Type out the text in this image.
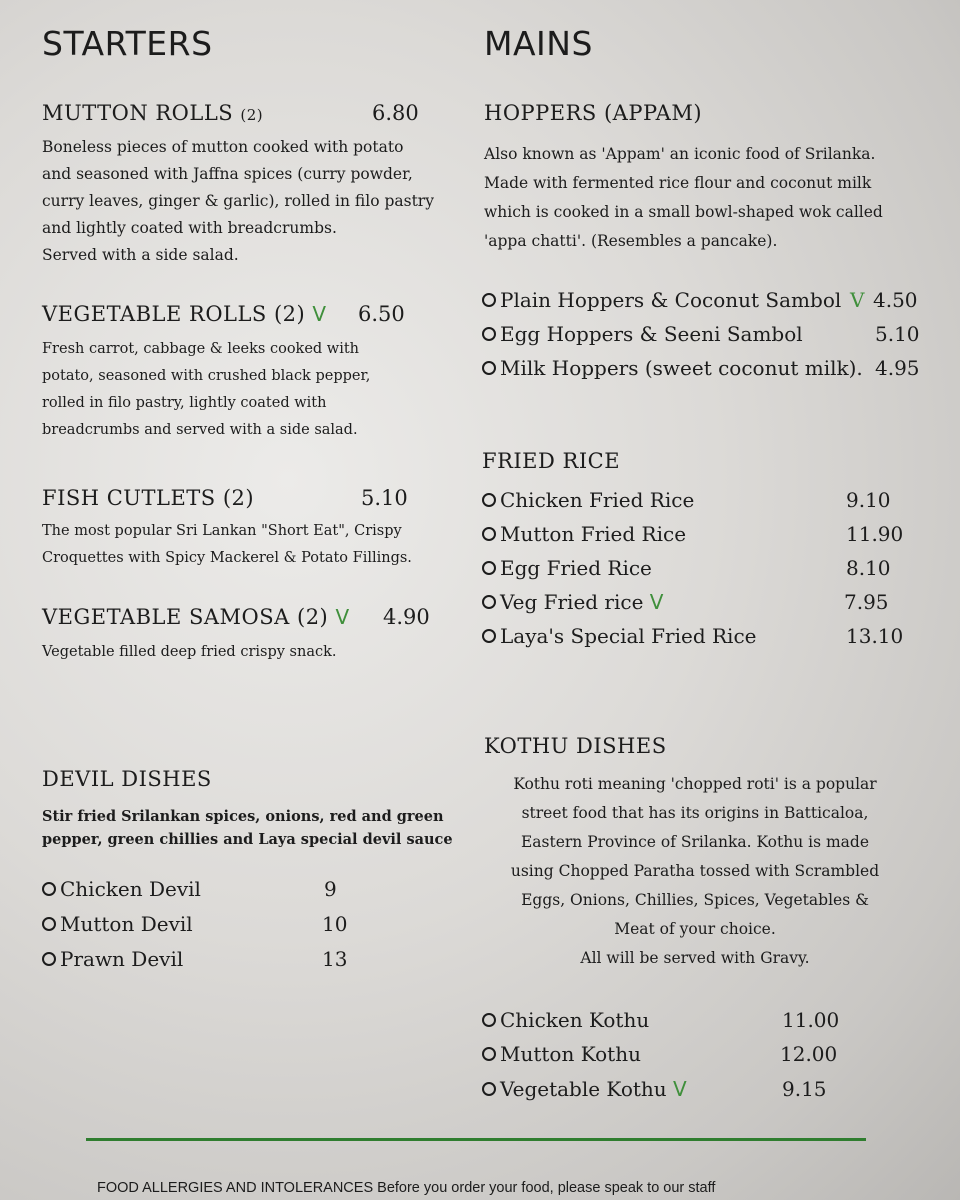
STARTERS
MUTTON ROLLS (2)	6.80
Boneless pieces of mutton cooked with potato
and seasoned with Jaffna spices (curry powder,
curry leaves, ginger & garlic), rolled in filo pastry
and lightly coated with breadcrumbs.
Served with a side salad.
VEGETABLE ROLLS (2) V 6.50
Fresh carrot, cabbage & leeks cooked with
potato, seasoned with crushed black pepper,
rolled in filo pastry, lightly coated with
breadcrumbs and served with a side salad.
FISH CUTLETS (2)	5.10
The most popular Sri Lankan "Short Eat", Crispy
Croquettes with Spicy Mackerel & Potato Fillings.
VEGETABLE SAMOSA (2) V 4.90
Vegetable filled deep fried crispy snack.
DEVIL DISHES
Stir fried Srilankan spices, onions, red and green
pepper, green chillies and Laya special devil sauce
Chicken Devil	9
Mutton Devil	10
Prawn Devil	13
MAINS
HOPPERS (APPAM)
Also known as 'Appam' an iconic food of Srilanka.
Made with fermented rice flour and coconut milk
which is cooked in a small bowl-shaped wok called
'appa chatti'. (Resembles a pancake).
Plain Hoppers & Coconut Sambol V 4.50
Egg Hoppers & Seeni Sambol	5.10
Milk Hoppers (sweet coconut milk). 4.95
FRIED RICE
Chicken Fried Rice	9.10
Mutton Fried Rice	11.90
Egg Fried Rice	8.10
Veg Fried rice V	7.95
Laya's Special Fried Rice	13.10
KOTHU DISHES
Kothu roti meaning 'chopped roti' is a popular
street food that has its origins in Batticaloa,
Eastern Province of Srilanka. Kothu is made
using Chopped Paratha tossed with Scrambled
Eggs, Onions, Chillies, Spices, Vegetables &
Meat of your choice.
All will be served with Gravy.
Chicken Kothu	11.00
Mutton Kothu	12.00
Vegetable Kothu V	9.15
FOOD ALLERGIES AND INTOLERANCES Before you order your food, please speak to our staff
